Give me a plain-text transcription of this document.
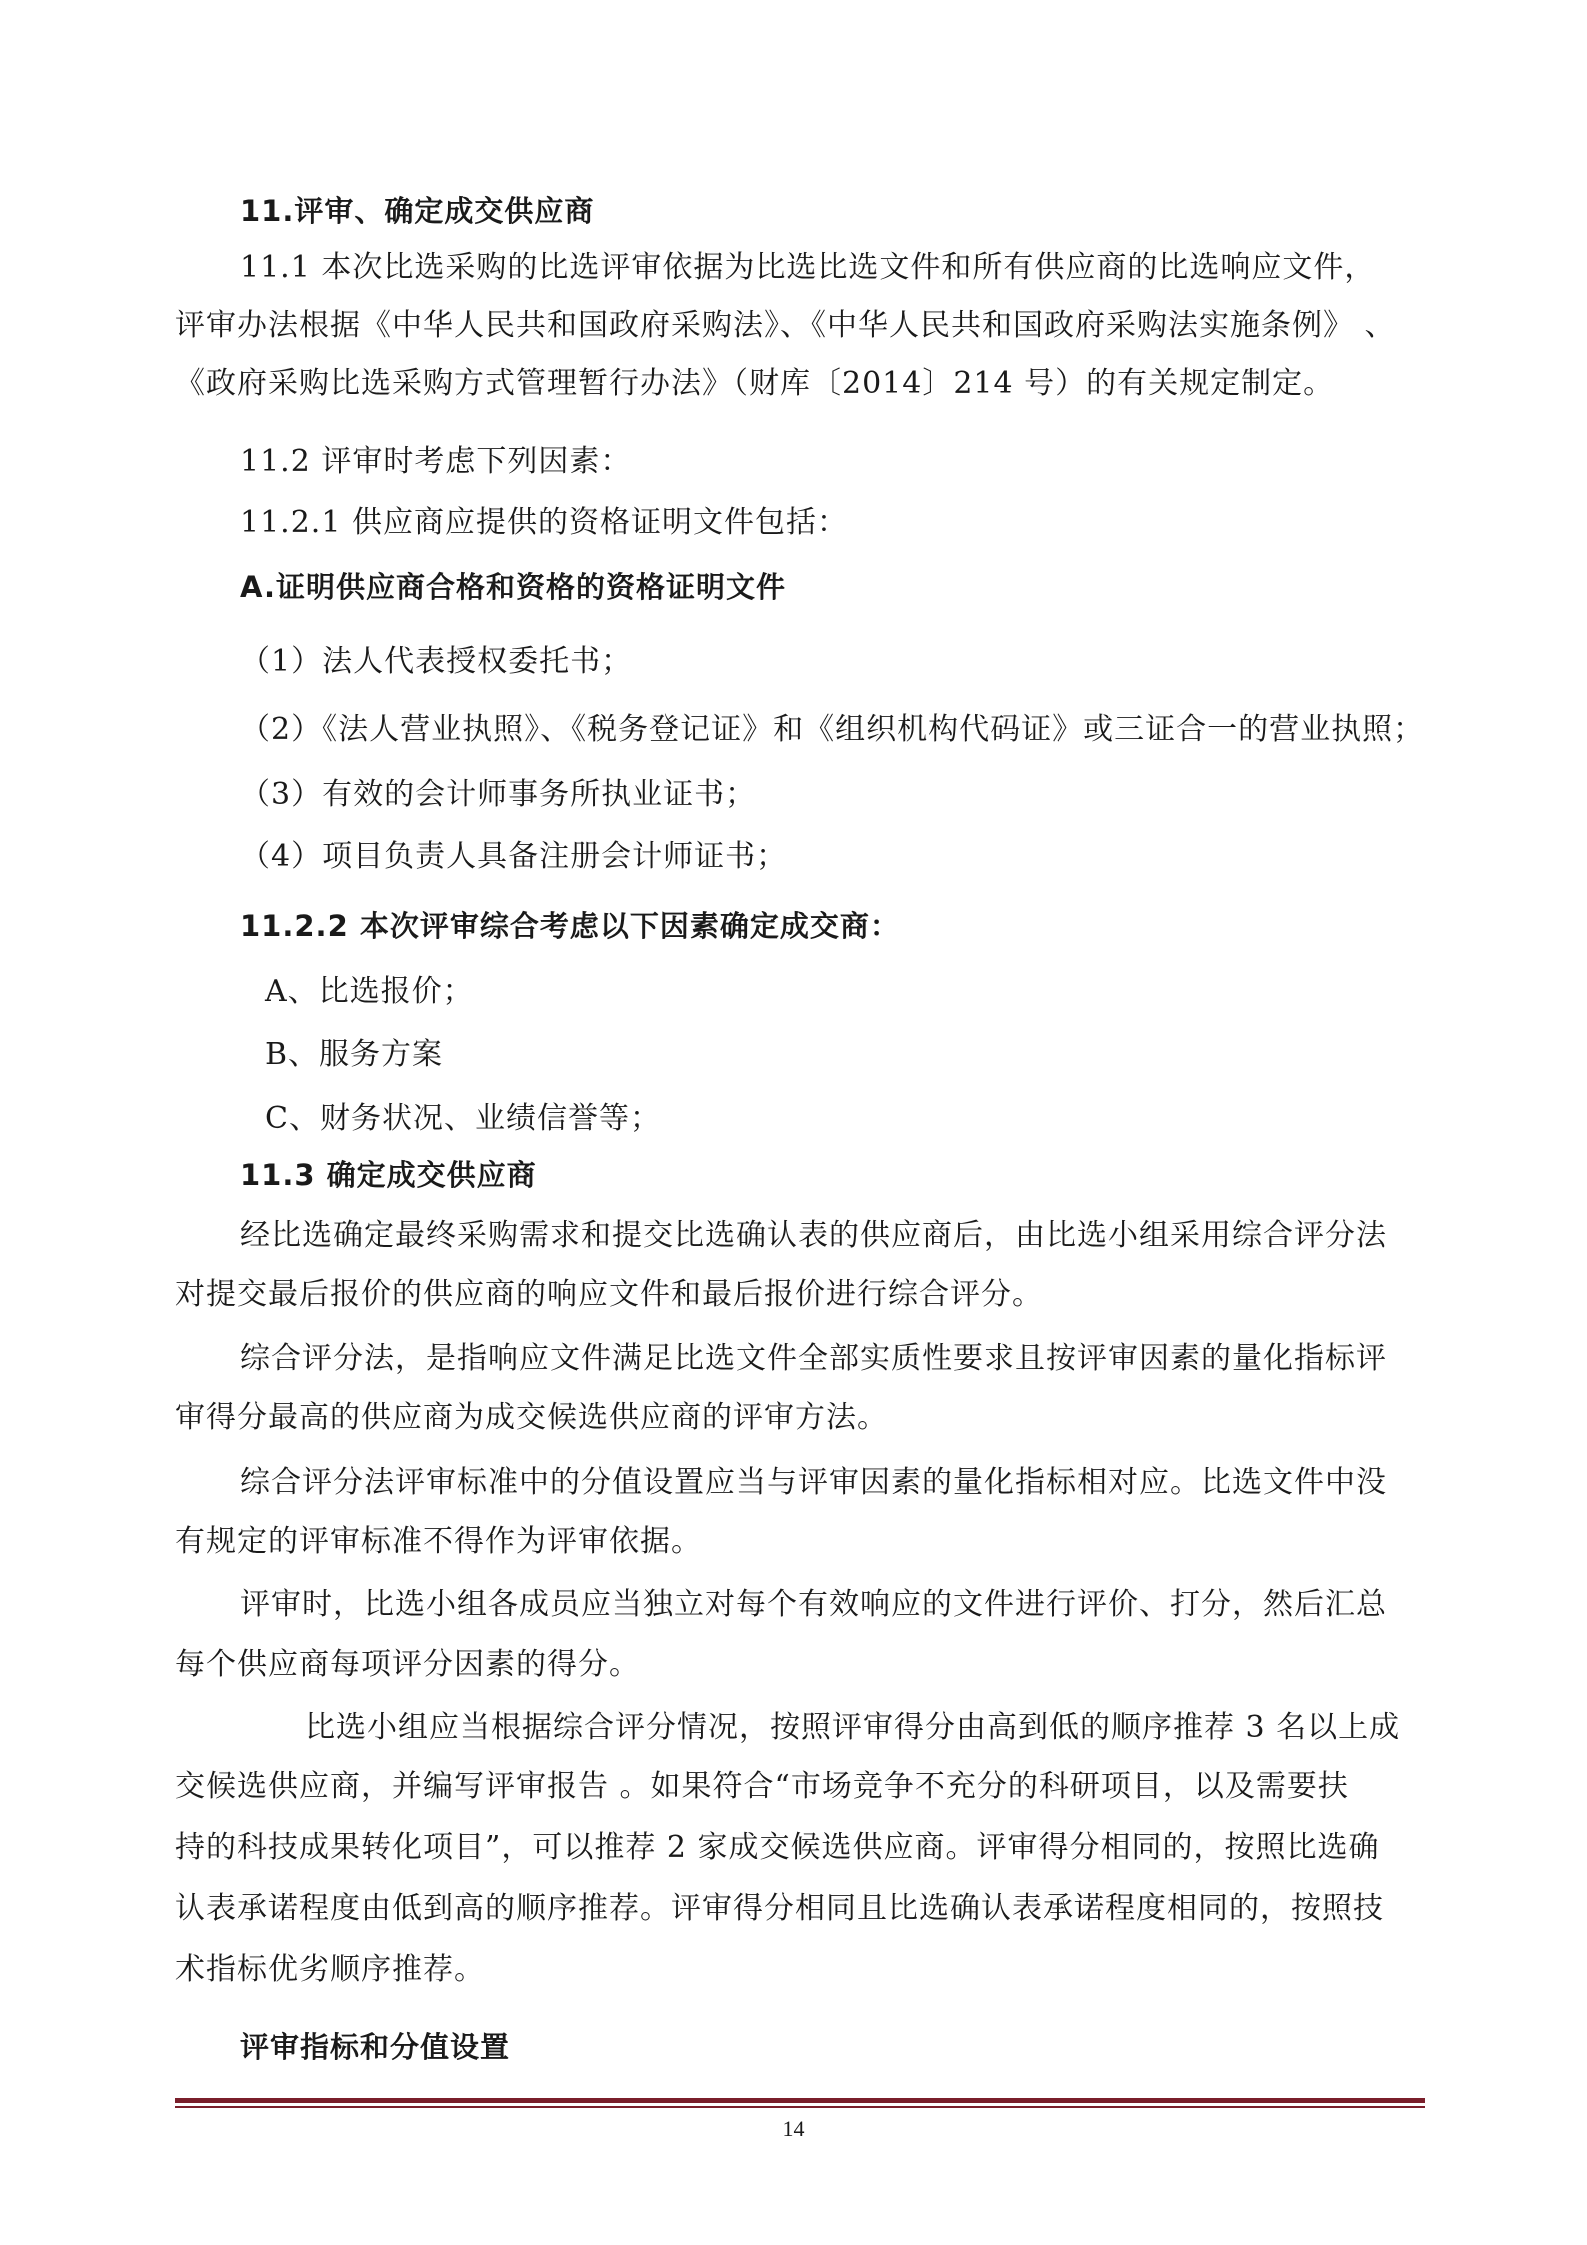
11.评审、确定成交供应商
11.1 本次比选采购的比选评审依据为比选比选文件和所有供应商的比选响应文件，
评审办法根据《中华人民共和国政府采购法》、《中华人民共和国政府采购法实施条例》 、
《政府采购比选采购方式管理暂行办法》（财库〔2014〕214 号）的有关规定制定。
11.2 评审时考虑下列因素：
11.2.1 供应商应提供的资格证明文件包括：
A.证明供应商合格和资格的资格证明文件
（1）法人代表授权委托书；
（2）《法人营业执照》、《税务登记证》和《组织机构代码证》或三证合一的营业执照；
（3）有效的会计师事务所执业证书；
（4）项目负责人具备注册会计师证书；
11.2.2 本次评审综合考虑以下因素确定成交商：
A、比选报价；
B、服务方案
C、财务状况、业绩信誉等；
11.3 确定成交供应商
经比选确定最终采购需求和提交比选确认表的供应商后，由比选小组采用综合评分法
对提交最后报价的供应商的响应文件和最后报价进行综合评分。
综合评分法，是指响应文件满足比选文件全部实质性要求且按评审因素的量化指标评
审得分最高的供应商为成交候选供应商的评审方法。
综合评分法评审标准中的分值设置应当与评审因素的量化指标相对应。比选文件中没
有规定的评审标准不得作为评审依据。
评审时，比选小组各成员应当独立对每个有效响应的文件进行评价、打分，然后汇总
每个供应商每项评分因素的得分。
比选小组应当根据综合评分情况，按照评审得分由高到低的顺序推荐 3 名以上成
交候选供应商，并编写评审报告 。如果符合“市场竞争不充分的科研项目，以及需要扶
持的科技成果转化项目”，可以推荐 2 家成交候选供应商。评审得分相同的，按照比选确
认表承诺程度由低到高的顺序推荐。评审得分相同且比选确认表承诺程度相同的，按照技
术指标优劣顺序推荐。
评审指标和分值设置
14
